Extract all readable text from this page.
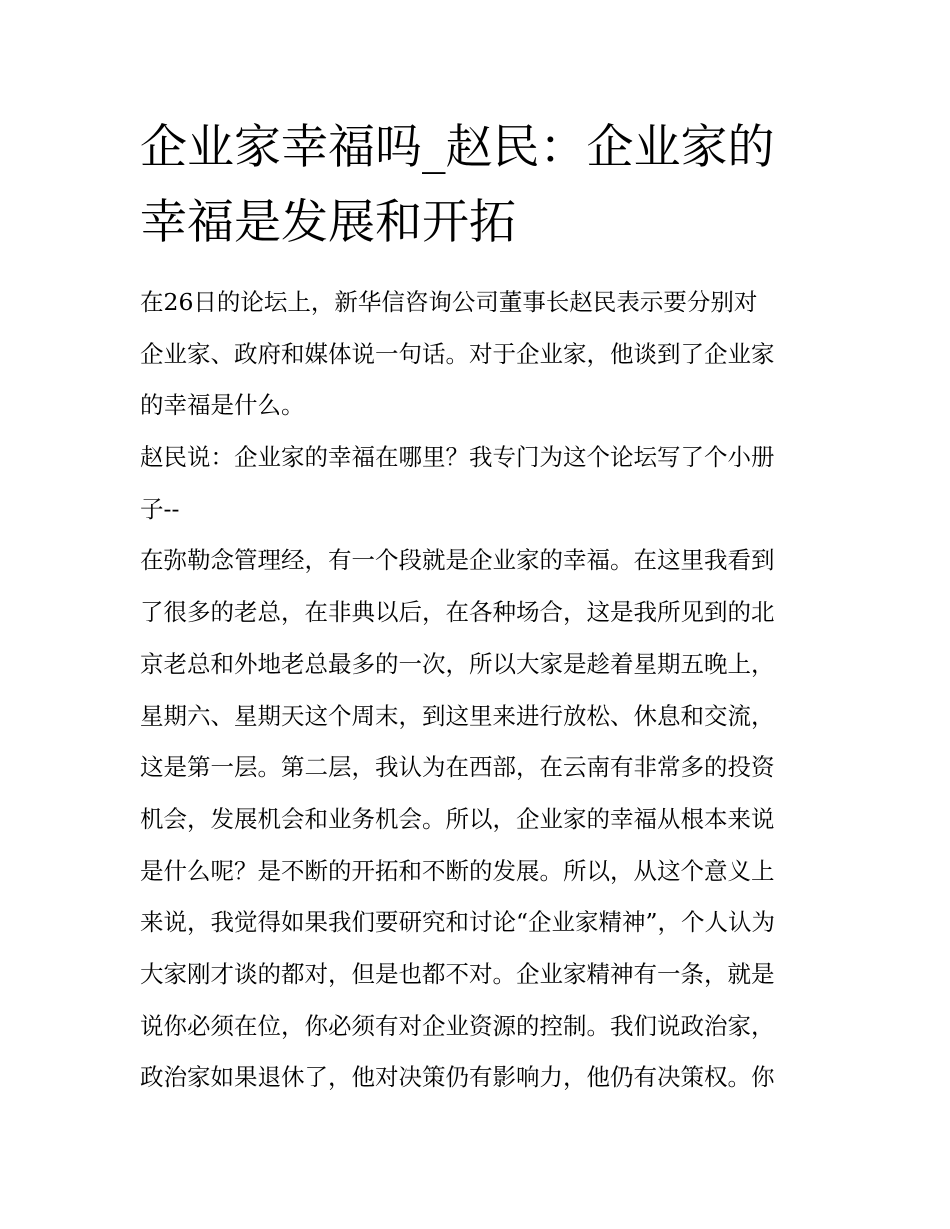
企业家幸福吗_赵民：企业家的
幸福是发展和开拓
在26日的论坛上，新华信咨询公司董事长赵民表示要分别对
企业家、政府和媒体说一句话。对于企业家，他谈到了企业家
的幸福是什么。
赵民说：企业家的幸福在哪里？我专门为这个论坛写了个小册
子--
在弥勒念管理经，有一个段就是企业家的幸福。在这里我看到
了很多的老总，在非典以后，在各种场合，这是我所见到的北
京老总和外地老总最多的一次，所以大家是趁着星期五晚上，
星期六、星期天这个周末，到这里来进行放松、休息和交流，
这是第一层。第二层，我认为在西部，在云南有非常多的投资
机会，发展机会和业务机会。所以，企业家的幸福从根本来说
是什么呢？是不断的开拓和不断的发展。所以，从这个意义上
来说，我觉得如果我们要研究和讨论“企业家精神”，个人认为
大家刚才谈的都对，但是也都不对。企业家精神有一条，就是
说你必须在位，你必须有对企业资源的控制。我们说政治家，
政治家如果退休了，他对决策仍有影响力，他仍有决策权。你
